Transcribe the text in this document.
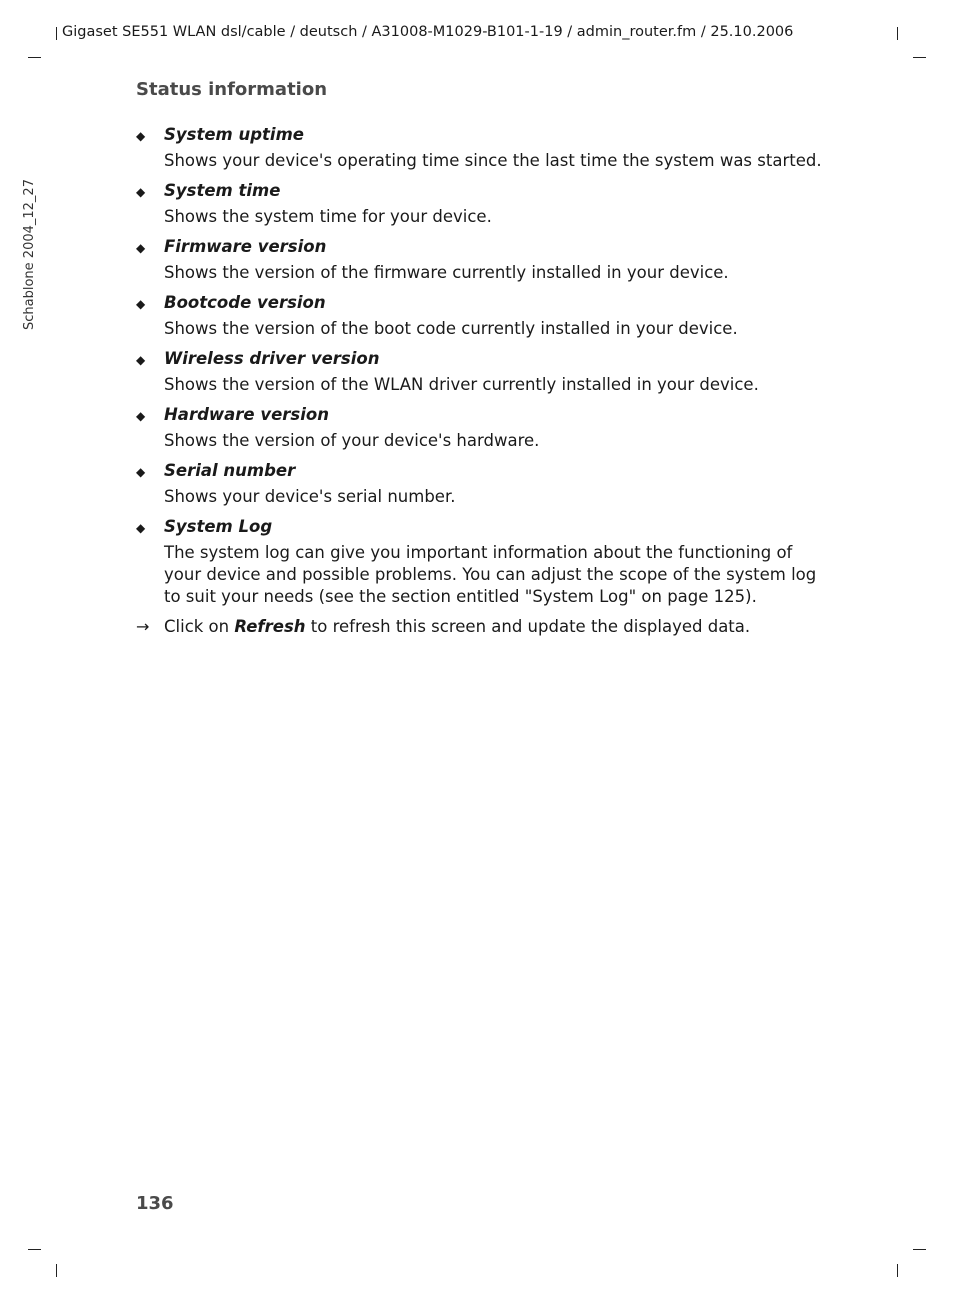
Gigaset SE551 WLAN dsl/cable / deutsch / A31008-M1029-B101-1-19 / admin_router.fm / 25.10.2006
Schablone 2004_12_27
Status information
◆ System uptime
Shows your device's operating time since the last time the system was started.
◆ System time
Shows the system time for your device.
◆ Firmware version
Shows the version of the firmware currently installed in your device.
◆ Bootcode version
Shows the version of the boot code currently installed in your device.
◆ Wireless driver version
Shows the version of the WLAN driver currently installed in your device.
◆ Hardware version
Shows the version of your device's hardware.
◆ Serial number
Shows your device's serial number.
◆ System Log
The system log can give you important information about the functioning of your device and possible problems. You can adjust the scope of the system log to suit your needs (see the section entitled "System Log" on page 125).
→ Click on Refresh to refresh this screen and update the displayed data.
136
